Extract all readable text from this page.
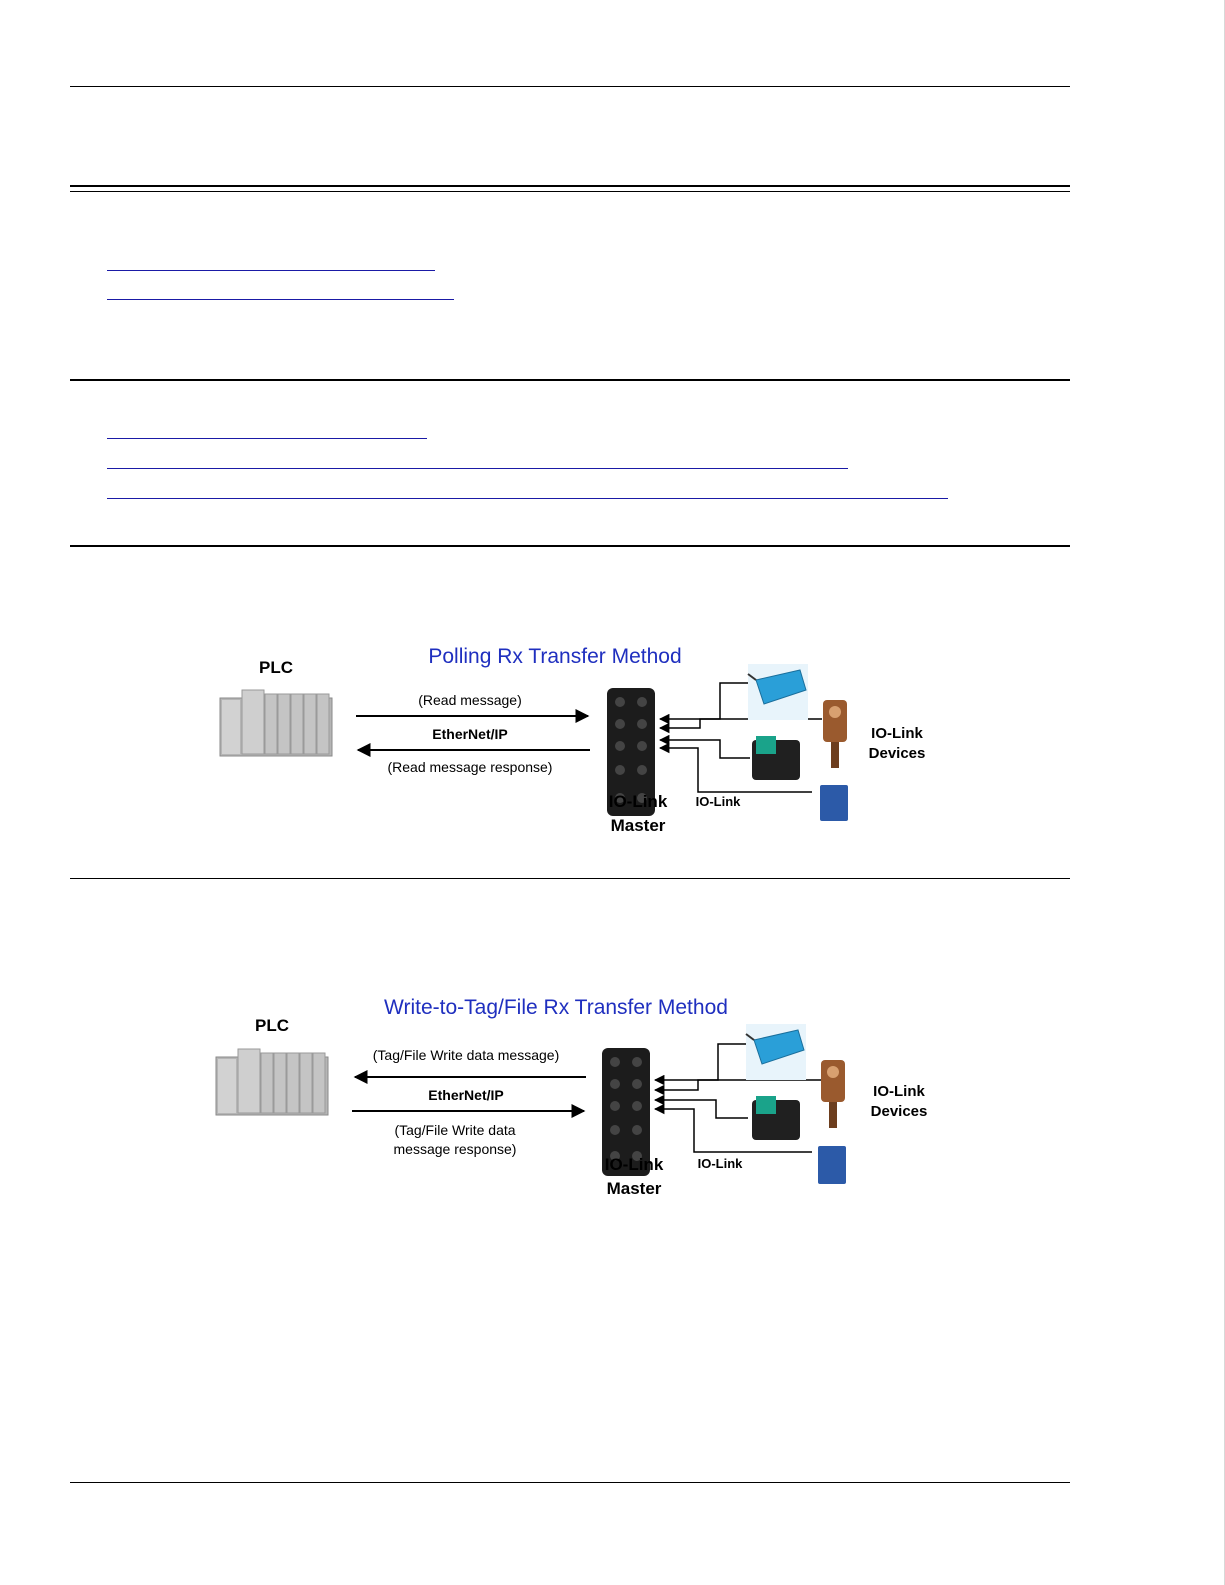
Polling Rx Transfer Method
PLC
(Read message)
EtherNet/IP
(Read message response)
IO-Link
Master
IO-Link
IO-Link
Devices
Write-to-Tag/File Rx Transfer Method
PLC
(Tag/File Write data message)
EtherNet/IP
(Tag/File Write data
message response)
IO-Link
Master
IO-Link
IO-Link
Devices
